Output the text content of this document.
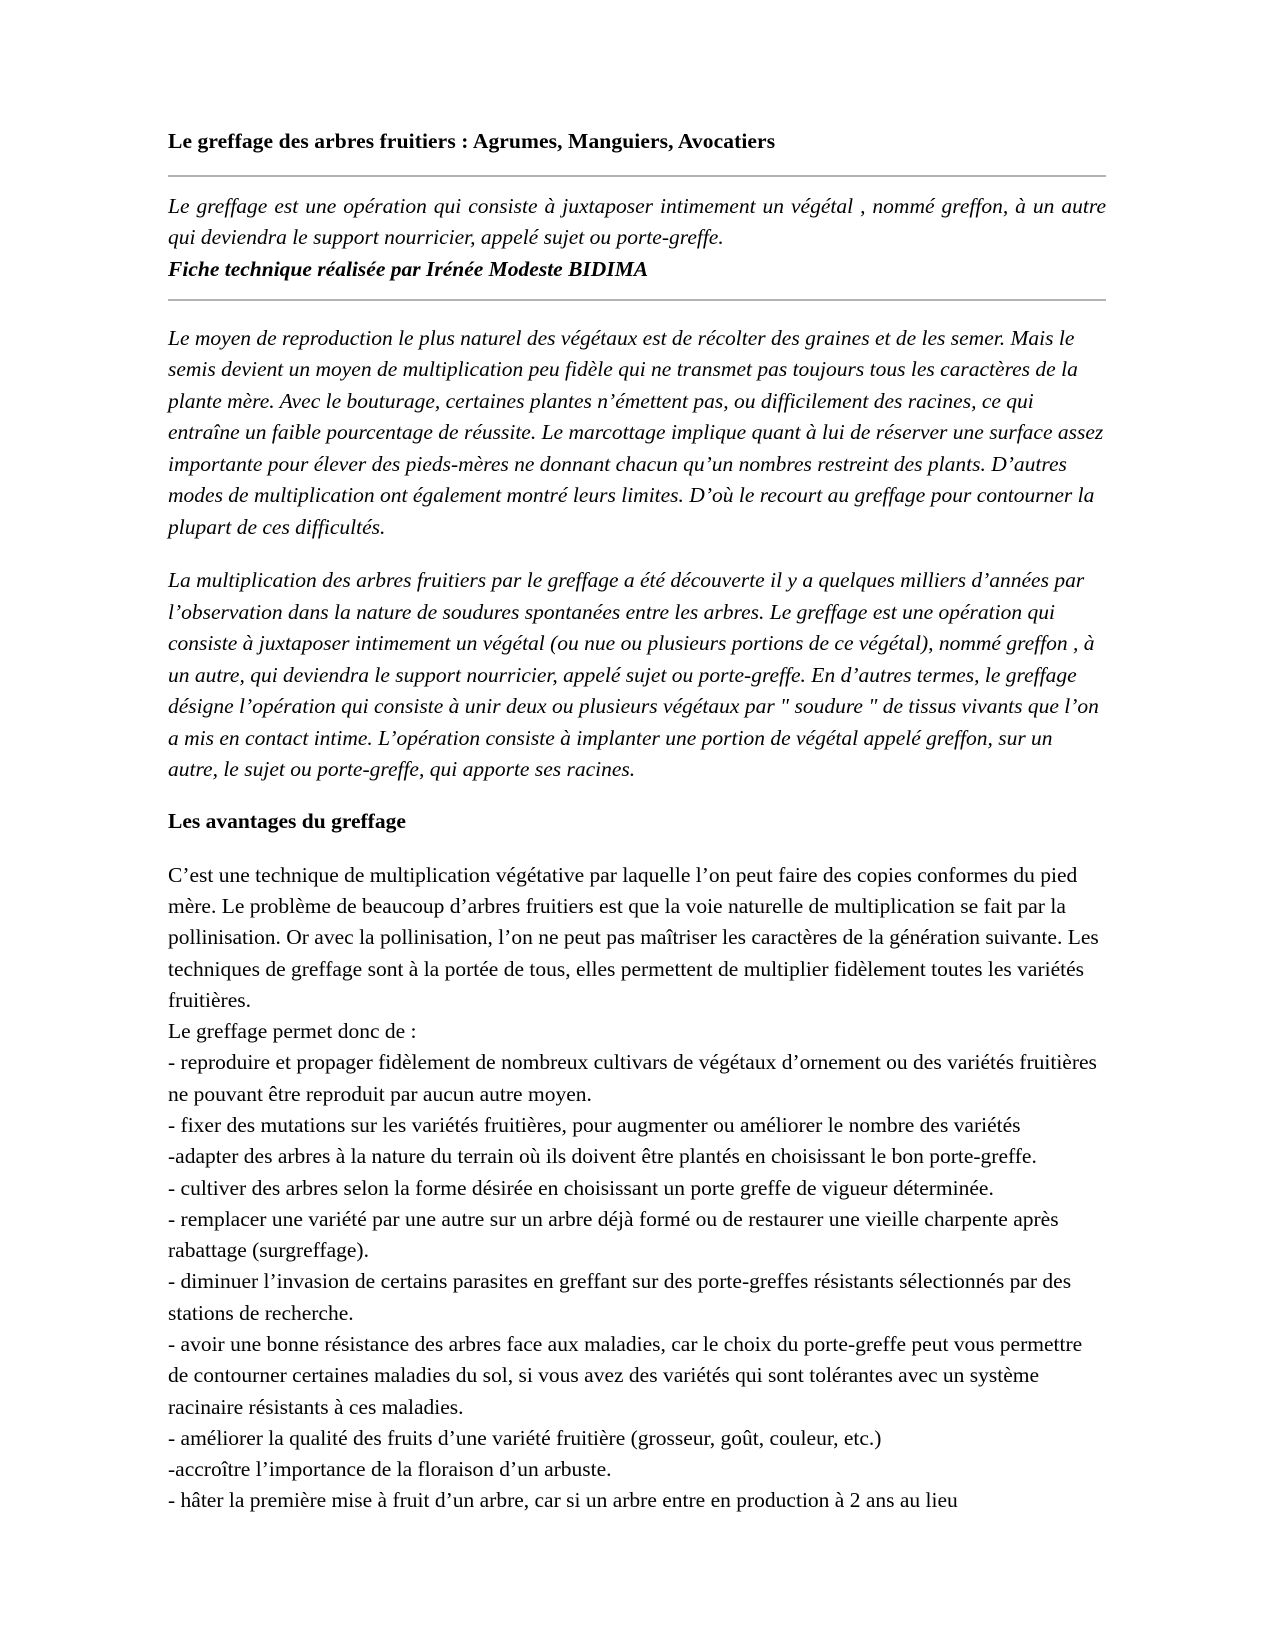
Le greffage des arbres fruitiers : Agrumes, Manguiers, Avocatiers

Le greffage est une opération qui consiste à juxtaposer intimement un végétal , nommé greffon, à un autre qui deviendra le support nourricier, appelé sujet ou porte-greffe.

Fiche technique réalisée par Irénée Modeste BIDIMA

Le moyen de reproduction le plus naturel des végétaux est de récolter des graines et de les semer. Mais le semis devient un moyen de multiplication peu fidèle qui ne transmet pas toujours tous les caractères de la plante mère. Avec le bouturage, certaines plantes n’émettent pas, ou difficilement des racines, ce qui entraîne un faible pourcentage de réussite. Le marcottage implique quant à lui de réserver une surface assez importante pour élever des pieds-mères ne donnant chacun qu’un nombres restreint des plants. D’autres modes de multiplication ont également montré leurs limites. D’où le recourt au greffage pour contourner la plupart de ces difficultés.

La multiplication des arbres fruitiers par le greffage a été découverte il y a quelques milliers d’années par l’observation dans la nature de soudures spontanées entre les arbres. Le greffage est une opération qui consiste à juxtaposer intimement un végétal (ou nue ou plusieurs portions de ce végétal), nommé greffon , à un autre, qui deviendra le support nourricier, appelé sujet ou porte-greffe. En d’autres termes, le greffage désigne l’opération qui consiste à unir deux ou plusieurs végétaux par " soudure " de tissus vivants que l’on a mis en contact intime. L’opération consiste à implanter une portion de végétal appelé greffon, sur un autre, le sujet ou porte-greffe, qui apporte ses racines.

Les avantages du greffage

C’est une technique de multiplication végétative par laquelle l’on peut faire des copies conformes du pied mère. Le problème de beaucoup d’arbres fruitiers est que la voie naturelle de multiplication se fait par la pollinisation. Or avec la pollinisation, l’on ne peut pas maîtriser les caractères de la génération suivante. Les techniques de greffage sont à la portée de tous, elles permettent de multiplier fidèlement toutes les variétés fruitières.

Le greffage permet donc de :

- reproduire et propager fidèlement de nombreux cultivars de végétaux d’ornement ou des variétés fruitières ne pouvant être reproduit par aucun autre moyen.

- fixer des mutations sur les variétés fruitières, pour augmenter ou améliorer le nombre des variétés

-adapter des arbres à la nature du terrain où ils doivent être plantés en choisissant le bon porte-greffe.

- cultiver des arbres selon la forme désirée en choisissant un porte greffe de vigueur déterminée.

- remplacer une variété par une autre sur un arbre déjà formé ou de restaurer une vieille charpente après rabattage (surgreffage).

- diminuer l’invasion de certains parasites en greffant sur des porte-greffes résistants sélectionnés par des stations de recherche.

- avoir une bonne résistance des arbres face aux maladies, car le choix du porte-greffe peut vous permettre de contourner certaines maladies du sol, si vous avez des variétés qui sont tolérantes avec un système racinaire résistants à ces maladies.

- améliorer la qualité des fruits d’une variété fruitière (grosseur, goût, couleur, etc.)

-accroître l’importance de la floraison d’un arbuste.

- hâter la première mise à fruit d’un arbre, car si un arbre entre en production à 2 ans au lieu
